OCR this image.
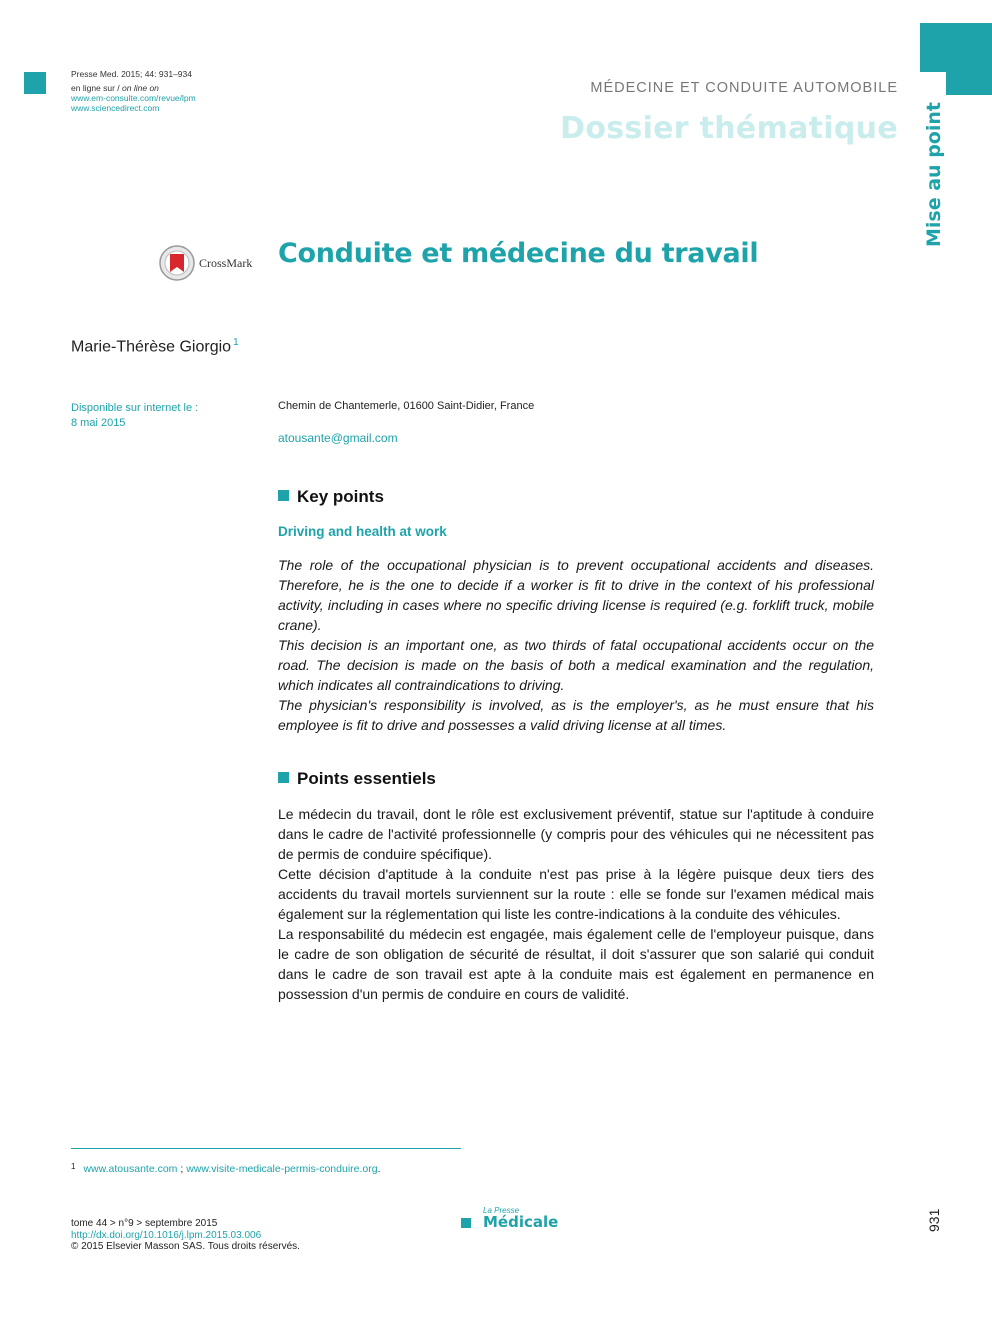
Presse Med. 2015; 44: 931–934
en ligne sur / on line on
www.em-consulte.com/revue/lpm
www.sciencedirect.com
MÉDECINE ET CONDUITE AUTOMOBILE
Dossier thématique Mise au point
CrossMark Conduite et médecine du travail
Marie-Thérèse Giorgio $^1$
Disponible sur internet le :
8 mai 2015
Chemin de Chantemerle, 01600 Saint-Didier, France
atousante@gmail.com
Key points
Driving and health at work

The role of the occupational physician is to prevent occupational accidents and diseases. Therefore, he is the one to decide if a worker is fit to drive in the context of his professional activity, including in cases where no specific driving license is required (e.g. forklift truck, mobile crane).

This decision is an important one, as two thirds of fatal occupational accidents occur on the road. The decision is made on the basis of both a medical examination and the regulation, which indicates all contraindications to driving.

The physician's responsibility is involved, as is the employer's, as he must ensure that his employee is fit to drive and possesses a valid driving license at all times.

Points essentiels

Le médecin du travail, dont le rôle est exclusivement préventif, statue sur l'aptitude à conduire dans le cadre de l'activité professionnelle (y compris pour des véhicules qui ne nécessitent pas de permis de conduire spécifique).

Cette décision d'aptitude à la conduite n'est pas prise à la légère puisque deux tiers des accidents du travail mortels surviennent sur la route : elle se fonde sur l'examen médical mais également sur la réglementation qui liste les contre-indications à la conduite des véhicules.

La responsabilité du médecin est engagée, mais également celle de l'employeur puisque, dans le cadre de son obligation de sécurité de résultat, il doit s'assurer que son salarié qui conduit dans le cadre de son travail est apte à la conduite mais est également en permanence en possession d'un permis de conduire en cours de validité.

$^1$ www.atousante.com ; www.visite-medicale-permis-conduire.org.
tome 44 > n°9 > septembre 2015
http://dx.doi.org/10.1016/j.lpm.2015.03.006
© 2015 Elsevier Masson SAS. Tous droits réservés.
La Presse
Médicale	931
